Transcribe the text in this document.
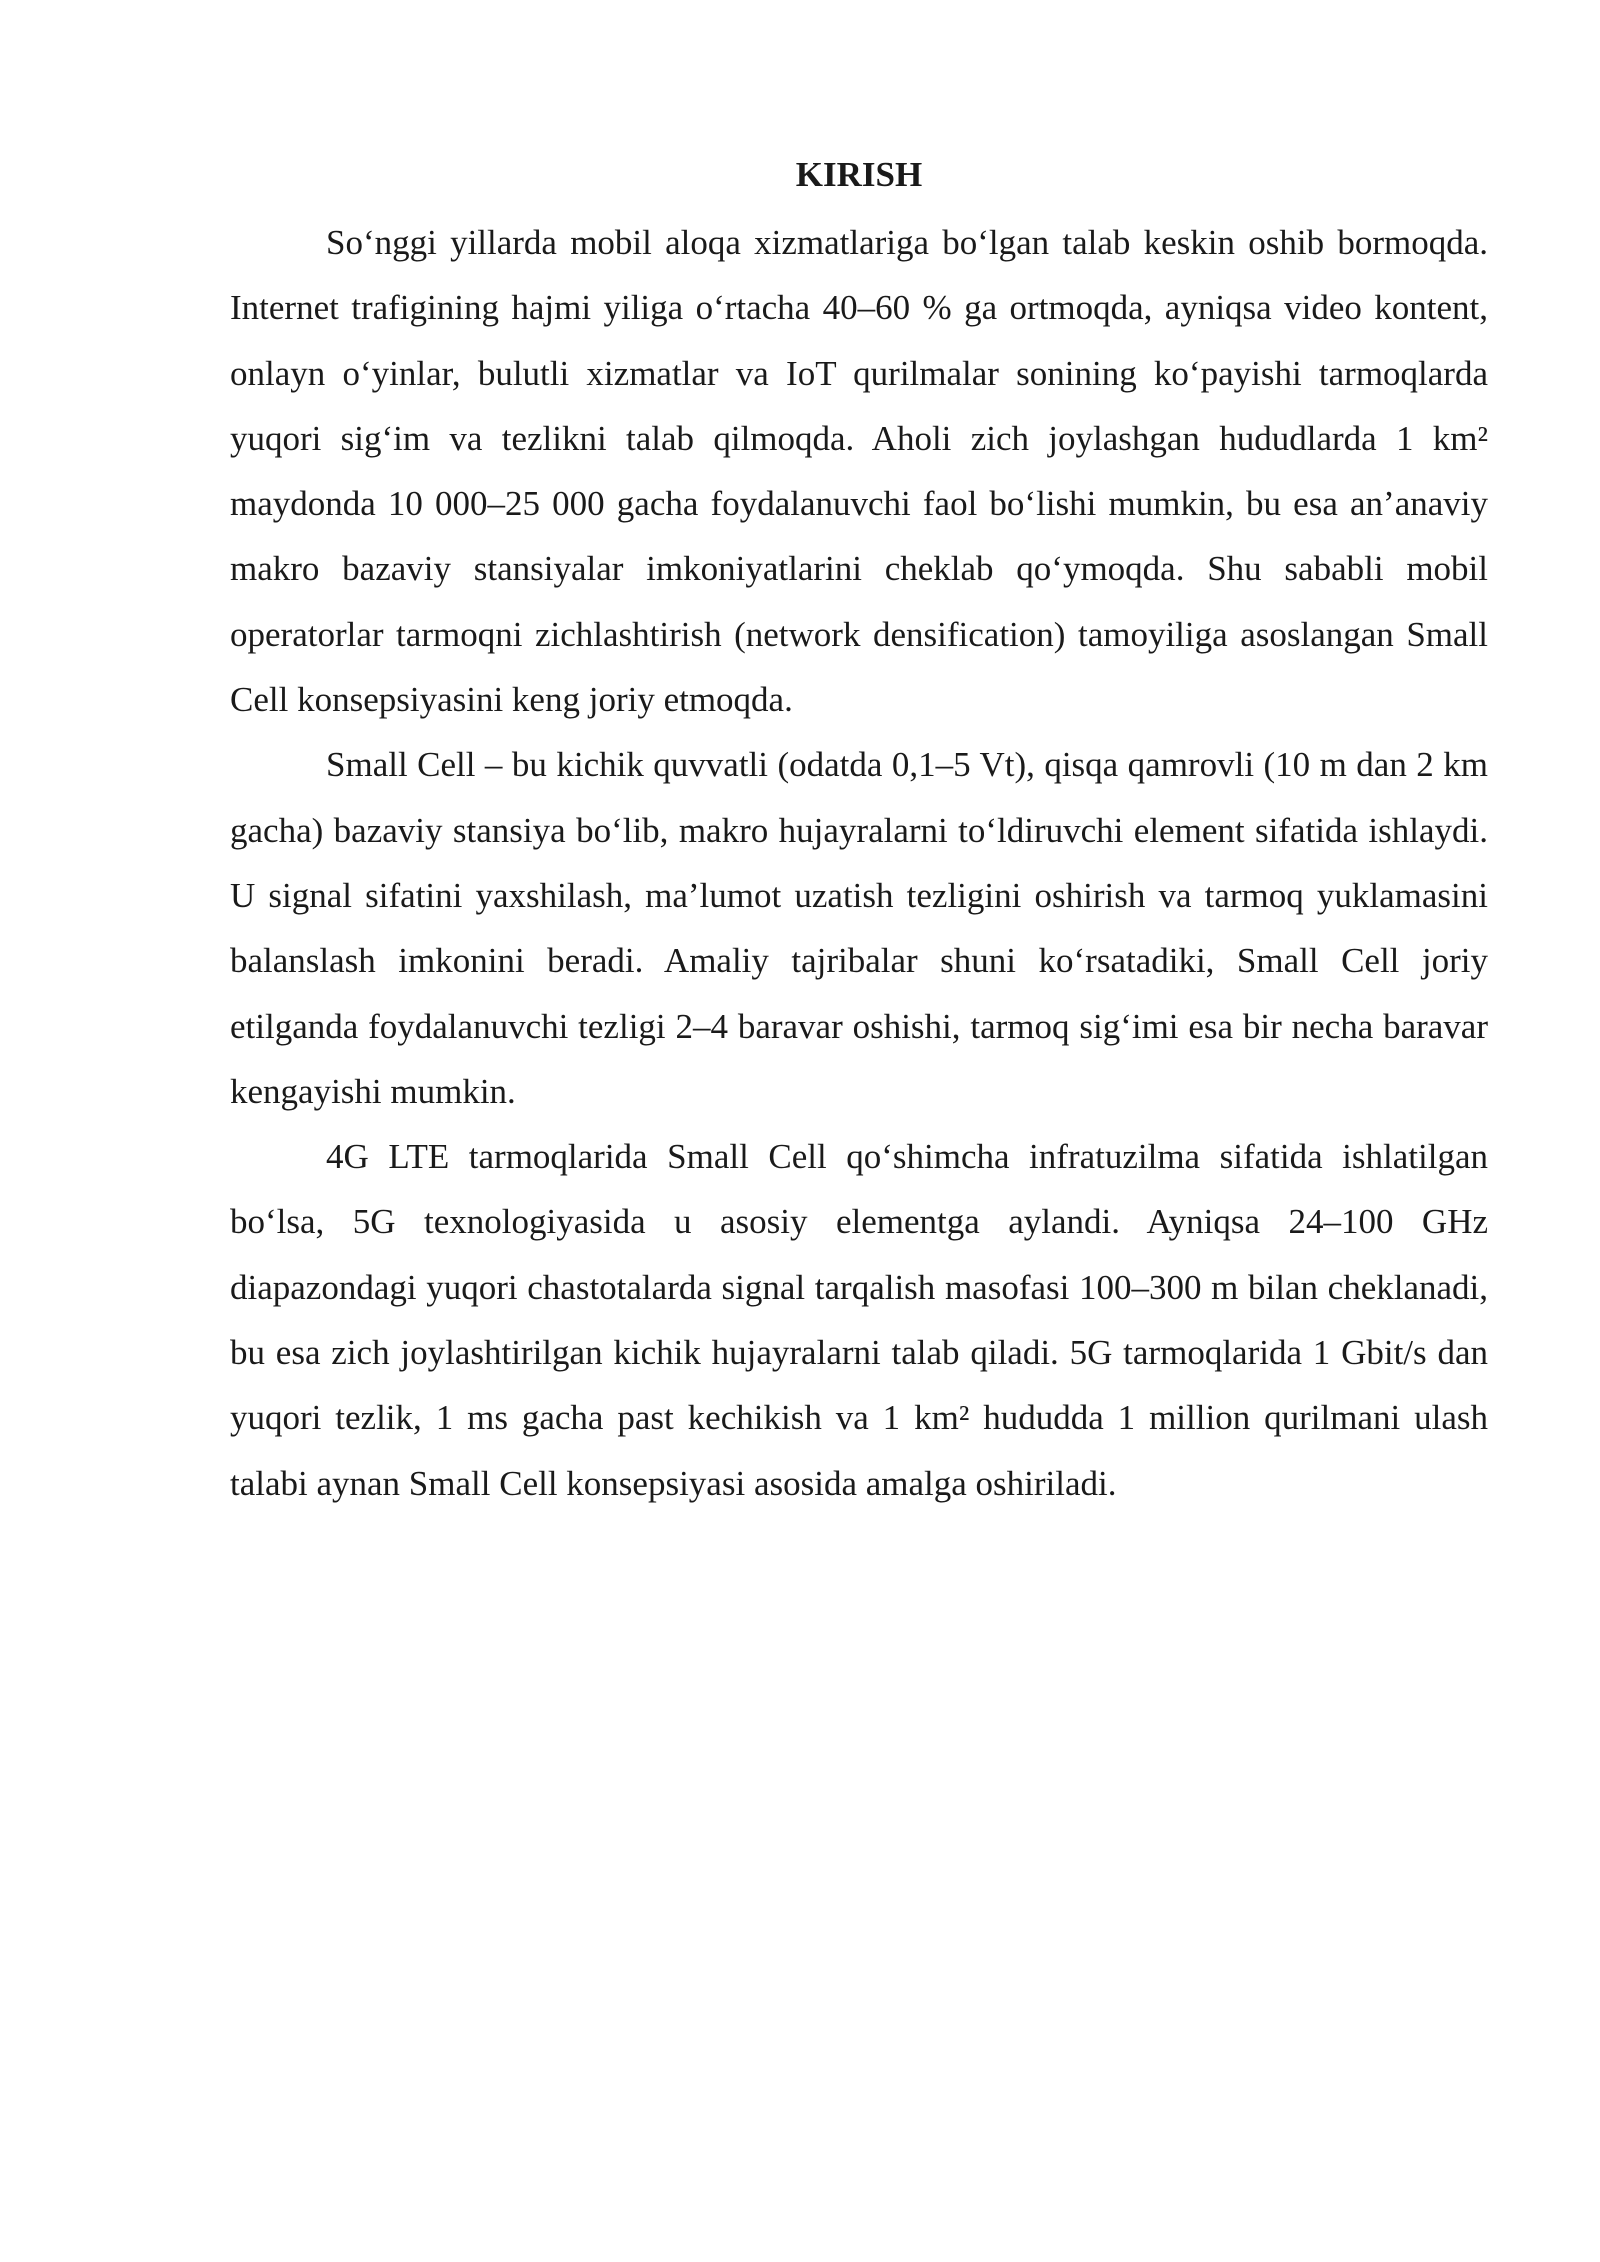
KIRISH

So‘nggi yillarda mobil aloqa xizmatlariga bo‘lgan talab keskin oshib bormoqda. Internet trafigining hajmi yiliga o‘rtacha 40–60 % ga ortmoqda, ayniqsa video kontent, onlayn o‘yinlar, bulutli xizmatlar va IoT qurilmalar sonining ko‘payishi tarmoqlarda yuqori sig‘im va tezlikni talab qilmoqda. Aholi zich joylashgan hududlarda 1 km² maydonda 10 000–25 000 gacha foydalanuvchi faol bo‘lishi mumkin, bu esa an’anaviy makro bazaviy stansiyalar imkoniyatlarini cheklab qo‘ymoqda. Shu sababli mobil operatorlar tarmoqni zichlashtirish (network densification) tamoyiliga asoslangan Small Cell konsepsiyasini keng joriy etmoqda.

Small Cell – bu kichik quvvatli (odatda 0,1–5 Vt), qisqa qamrovli (10 m dan 2 km gacha) bazaviy stansiya bo‘lib, makro hujayralarni to‘ldiruvchi element sifatida ishlaydi. U signal sifatini yaxshilash, ma’lumot uzatish tezligini oshirish va tarmoq yuklamasini balanslash imkonini beradi. Amaliy tajribalar shuni ko‘rsatadiki, Small Cell joriy etilganda foydalanuvchi tezligi 2–4 baravar oshishi, tarmoq sig‘imi esa bir necha baravar kengayishi mumkin.

4G LTE tarmoqlarida Small Cell qo‘shimcha infratuzilma sifatida ishlatilgan bo‘lsa, 5G texnologiyasida u asosiy elementga aylandi. Ayniqsa 24–100 GHz diapazondagi yuqori chastotalarda signal tarqalish masofasi 100–300 m bilan cheklanadi, bu esa zich joylashtirilgan kichik hujayralarni talab qiladi. 5G tarmoqlarida 1 Gbit/s dan yuqori tezlik, 1 ms gacha past kechikish va 1 km² hududda 1 million qurilmani ulash talabi aynan Small Cell konsepsiyasi asosida amalga oshiriladi.
